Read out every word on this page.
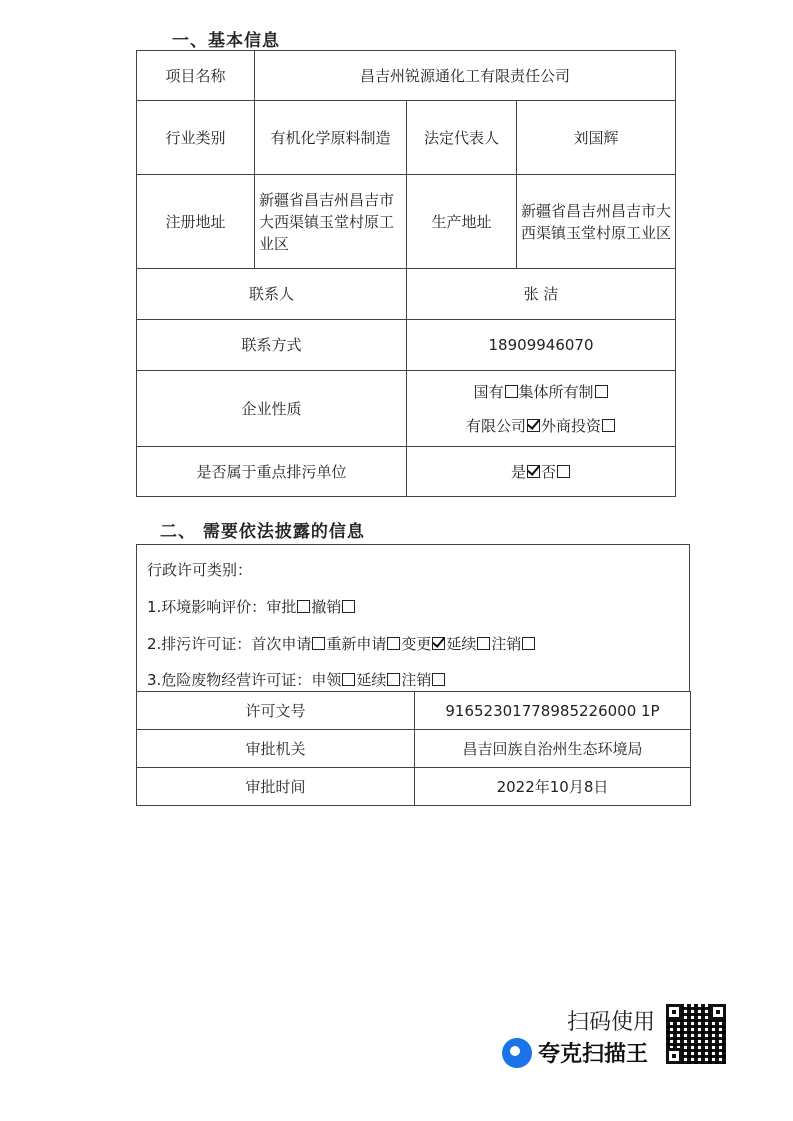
一、基本信息
项目名称	昌吉州锐源通化工有限责任公司		
行业类别	有机化学原料制造	法定代表人	刘国辉
注册地址	新疆省昌吉州昌吉市大西渠镇玉堂村原工业区	生产地址	新疆省昌吉州昌吉市大西渠镇玉堂村原工业区
联系人		张 洁	
联系方式		18909946070	
企业性质		国有 集体所有制
有限公司 外商投资	

是否属于重点排污单位		是 否	
二、 需要依法披露的信息
行政许可类别：
1.环境影响评价：审批 撤销
2.排污许可证：首次申请 重新申请 变更 延续 注销
3.危险废物经营许可证：申领 延续 注销
许可文号	91652301778985226000 1P
审批机关	昌吉回族自治州生态环境局
审批时间	2022年10月8日
扫码使用
夸克扫描王
